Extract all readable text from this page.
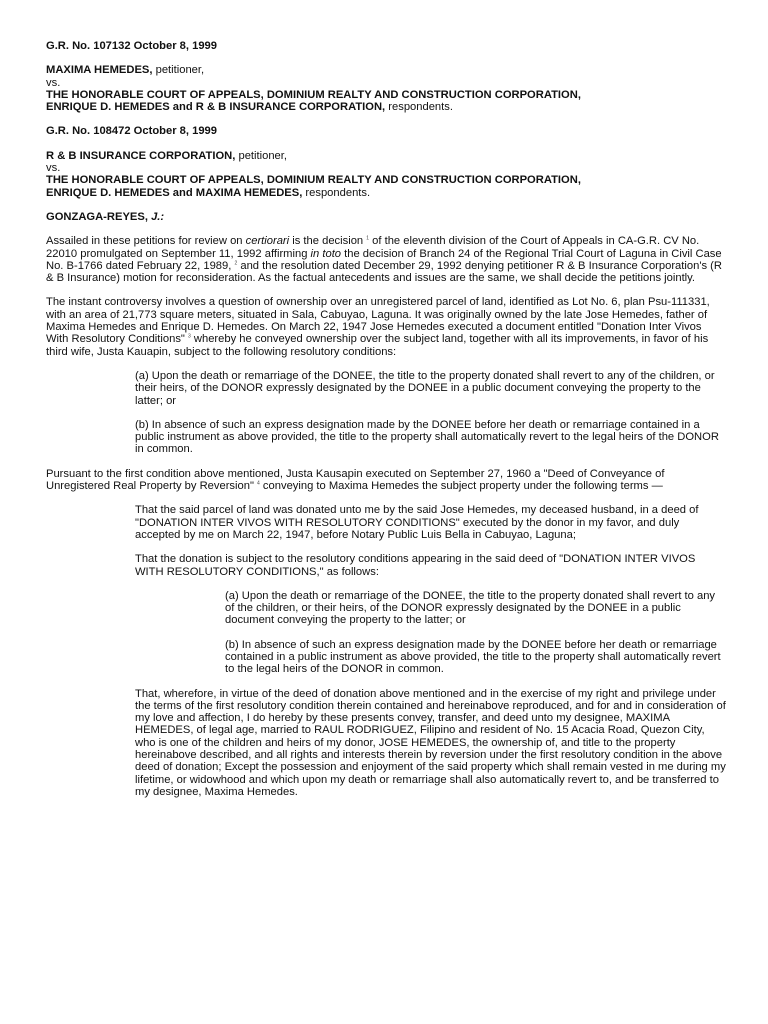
G.R. No. 107132 October 8, 1999

MAXIMA HEMEDES, petitioner,

vs.

THE HONORABLE COURT OF APPEALS, DOMINIUM REALTY AND CONSTRUCTION CORPORATION,

ENRIQUE D. HEMEDES and R & B INSURANCE CORPORATION, respondents.

G.R. No. 108472 October 8, 1999

R & B INSURANCE CORPORATION, petitioner,

vs.

THE HONORABLE COURT OF APPEALS, DOMINIUM REALTY AND CONSTRUCTION CORPORATION,

ENRIQUE D. HEMEDES and MAXIMA HEMEDES, respondents.

GONZAGA-REYES, J.:

Assailed in these petitions for review on certiorari is the decision $^1$ of the eleventh division of the Court of Appeals in CA-G.R. CV No. 22010 promulgated on September 11, 1992 affirming in toto the decision of Branch 24 of the Regional Trial Court of Laguna in Civil Case No. B-1766 dated February 22, 1989, $^2$ and the resolution dated December 29, 1992 denying petitioner R & B Insurance Corporation's (R & B Insurance) motion for reconsideration. As the factual antecedents and issues are the same, we shall decide the petitions jointly.

The instant controversy involves a question of ownership over an unregistered parcel of land, identified as Lot No. 6, plan Psu-111331, with an area of 21,773 square meters, situated in Sala, Cabuyao, Laguna. It was originally owned by the late Jose Hemedes, father of Maxima Hemedes and Enrique D. Hemedes. On March 22, 1947 Jose Hemedes executed a document entitled "Donation Inter Vivos With Resolutory Conditions" $^3$ whereby he conveyed ownership over the subject land, together with all its improvements, in favor of his third wife, Justa Kauapin, subject to the following resolutory conditions:

(a) Upon the death or remarriage of the DONEE, the title to the property donated shall revert to any of the children, or their heirs, of the DONOR expressly designated by the DONEE in a public document conveying the property to the latter; or

(b) In absence of such an express designation made by the DONEE before her death or remarriage contained in a public instrument as above provided, the title to the property shall automatically revert to the legal heirs of the DONOR in common.

Pursuant to the first condition above mentioned, Justa Kausapin executed on September 27, 1960 a "Deed of Conveyance of Unregistered Real Property by Reversion" $^4$ conveying to Maxima Hemedes the subject property under the following terms —

That the said parcel of land was donated unto me by the said Jose Hemedes, my deceased husband, in a deed of "DONATION INTER VIVOS WITH RESOLUTORY CONDITIONS" executed by the donor in my favor, and duly accepted by me on March 22, 1947, before Notary Public Luis Bella in Cabuyao, Laguna;

That the donation is subject to the resolutory conditions appearing in the said deed of "DONATION INTER VIVOS WITH RESOLUTORY CONDITIONS," as follows:

(a) Upon the death or remarriage of the DONEE, the title to the property donated shall revert to any of the children, or their heirs, of the DONOR expressly designated by the DONEE in a public document conveying the property to the latter; or

(b) In absence of such an express designation made by the DONEE before her death or remarriage contained in a public instrument as above provided, the title to the property shall automatically revert to the legal heirs of the DONOR in common.

That, wherefore, in virtue of the deed of donation above mentioned and in the exercise of my right and privilege under the terms of the first resolutory condition therein contained and hereinabove reproduced, and for and in consideration of my love and affection, I do hereby by these presents convey, transfer, and deed unto my designee, MAXIMA HEMEDES, of legal age, married to RAUL RODRIGUEZ, Filipino and resident of No. 15 Acacia Road, Quezon City, who is one of the children and heirs of my donor, JOSE HEMEDES, the ownership of, and title to the property hereinabove described, and all rights and interests therein by reversion under the first resolutory condition in the above deed of donation; Except the possession and enjoyment of the said property which shall remain vested in me during my lifetime, or widowhood and which upon my death or remarriage shall also automatically revert to, and be transferred to my designee, Maxima Hemedes.
